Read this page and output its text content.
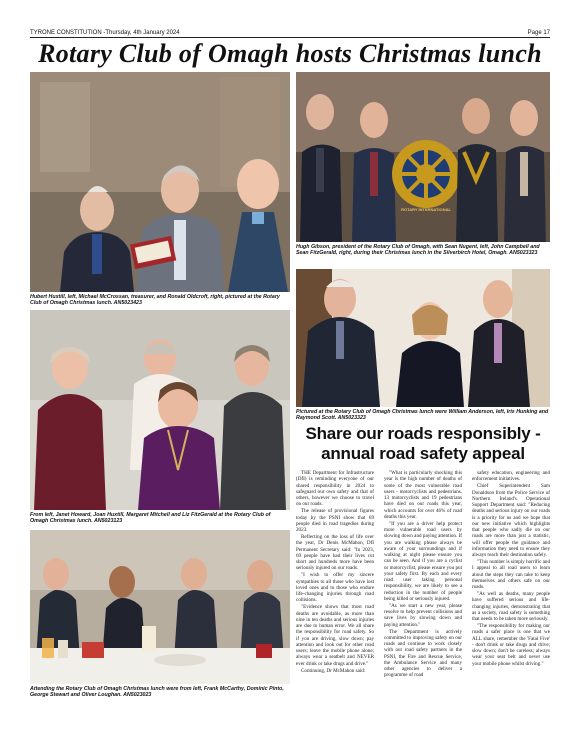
TYRONE CONSTITUTION -Thursday, 4th January 2024	Page 17
Rotary Club of Omagh hosts Christmas lunch
Hubert Huxtill, left, Michael McCrossan, treasurer, and Ronald Oldcroft, right, pictured at the Rotary Club of Omagh Christmas lunch. AN5023423
ROTARY INTERNATIONAL
Hugh Gibson, president of the Rotary Club of Omagh, with Sean Nugent, left, John Campbell and Sean FitzGerald, right, during their Christmas lunch in the Silverbirch Hotel, Omagh. AN5023323
Pictured at the Rotary Club of Omagh Christmas lunch were William Anderson, left, Iris Hunking and Raymond Scott. AN5023323
From left, Janet Howard, Joan Huxtill, Margaret Mitchell and Liz FitzGerald at the Rotary Club of Omagh Christmas lunch. AN5023123
Attending the Rotary Club of Omagh Christmas lunch were from left, Frank McCarthy, Dominic Pinto, George Stewart and Oliver Loughan. AN5023023
Share our roads responsibly - annual road safety appeal

THE Department for Infrastructure (DfI) is reminding everyone of our shared responsibility in 2024 to safeguard our own safety and that of others, however we choose to travel on our roads.

The release of provisional figures today by the PSNI show that 69 people died in road tragedies during 2023.

Reflecting on the loss of life over the year, Dr Denis McMahon, DfI Permanent Secretary said: "In 2023, 69 people have had their lives cut short and hundreds more have been seriously injured on our roads.

"I wish to offer my sincere sympathies to all those who have lost loved ones and to those who endure life-changing injuries through road collisions.

"Evidence shows that most road deaths are avoidable, as more than nine in ten deaths and serious injuries are due to human error. We all share the responsibility for road safety. So if you are driving, slow down; pay attention and look out for other road users; leave the mobile phone alone; always wear a seatbelt and NEVER ever drink or take drugs and drive."

Continuing, Dr McMahon said:

"What is particularly shocking this year is the high number of deaths of some of the most vulnerable road users - motorcyclists and pedestrians. 13 motorcyclists and 19 pedestrians have died on our roads this year, which accounts for over 46% of road deaths this year.

"If you are a driver help protect more vulnerable road users by slowing down and paying attention. If you are walking please always be aware of your surroundings and if walking at night please ensure you can be seen. And if you are a cyclist or motorcyclist, please ensure you put your safety first. By each and every road user taking personal responsibility, we are likely to see a reduction in the number of people being killed or seriously injured.

"As we start a new year, please resolve to help prevent collisions and save lives by slowing down and paying attention."

The Department is actively committed to improving safety on our roads and continue to work closely with our road safety partners in the PSNI, the Fire and Rescue Service, the Ambulance Service and many other agencies to deliver a programme of road

safety education, engineering and enforcement initiatives.

Chief Superintendent Sam Donaldson from the Police Service of Northern Ireland's Operational Support Department said: "Reducing deaths and serious injury on our roads is a priority for us and we hope that our new initiative which highlights that people who sadly die on our roads are more than just a statistic, will offer people the guidance and information they need to ensure they always reach their destination safely.

"This number is simply horrific and I appeal to all road users to learn about the steps they can take to keep themselves and others safe on our roads.

"As well as deaths, many people have suffered serious and life-changing injuries, demonstrating that as a society, road safety is something that needs to be taken more seriously.

"The responsibility for making our roads a safer place is one that we ALL share, remember the 'Fatal Five' - don't drink or take drugs and drive; slow down; don't be careless; always wear your seat belt and never use your mobile phone whilst driving."
